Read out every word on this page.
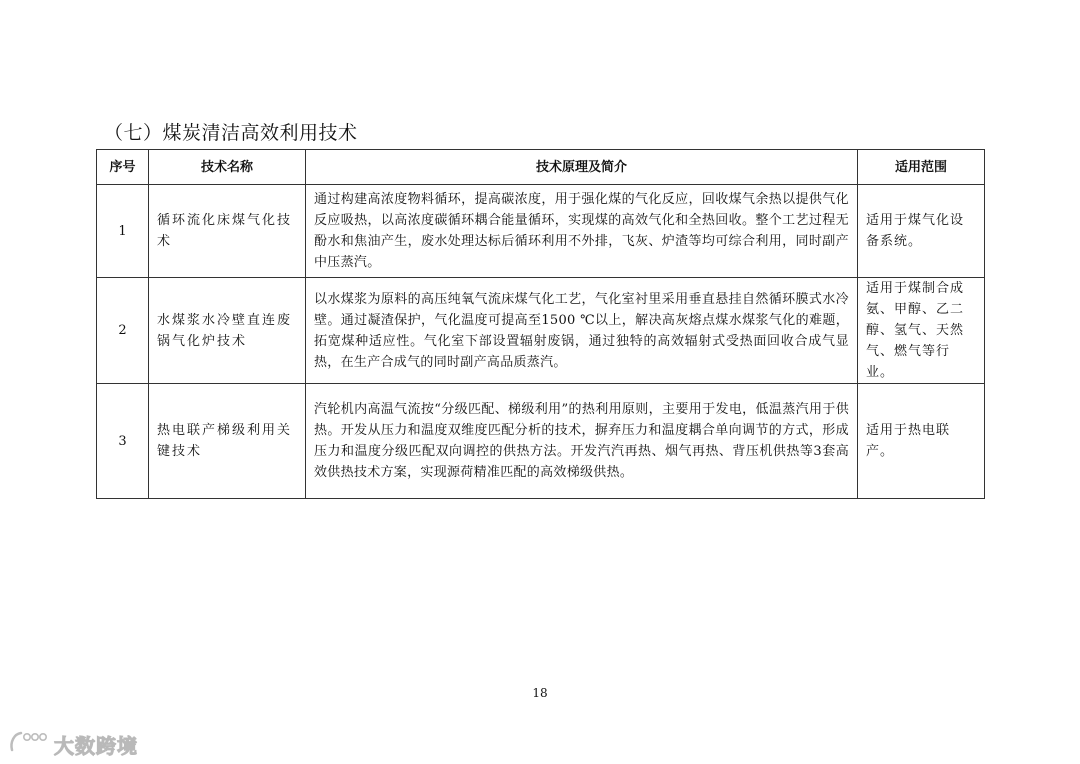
（七）煤炭清洁高效利用技术
序号	技术名称	技术原理及简介	适用范围
1	循环流化床煤气化技术	通过构建高浓度物料循环，提高碳浓度，用于强化煤的气化反应，回收煤气余热以提供气化反应吸热，以高浓度碳循环耦合能量循环，实现煤的高效气化和全热回收。整个工艺过程无酚水和焦油产生，废水处理达标后循环利用不外排，飞灰、炉渣等均可综合利用，同时副产中压蒸汽。	适用于煤气化设备系统。
2	水煤浆水冷壁直连废锅气化炉技术	以水煤浆为原料的高压纯氧气流床煤气化工艺，气化室衬里采用垂直悬挂自然循环膜式水冷壁。通过凝渣保护，气化温度可提高至1500 ℃以上，解决高灰熔点煤水煤浆气化的难题，拓宽煤种适应性。气化室下部设置辐射废锅，通过独特的高效辐射式受热面回收合成气显热，在生产合成气的同时副产高品质蒸汽。	适用于煤制合成氨、甲醇、乙二醇、氢气、天然气、燃气等行业。
3	热电联产梯级利用关键技术	汽轮机内高温气流按“分级匹配、梯级利用”的热利用原则，主要用于发电，低温蒸汽用于供热。开发从压力和温度双维度匹配分析的技术，摒弃压力和温度耦合单向调节的方式，形成压力和温度分级匹配双向调控的供热方法。开发汽汽再热、烟气再热、背压机供热等3套高效供热技术方案，实现源荷精准匹配的高效梯级供热。	适用于热电联产。
18
大数跨境
